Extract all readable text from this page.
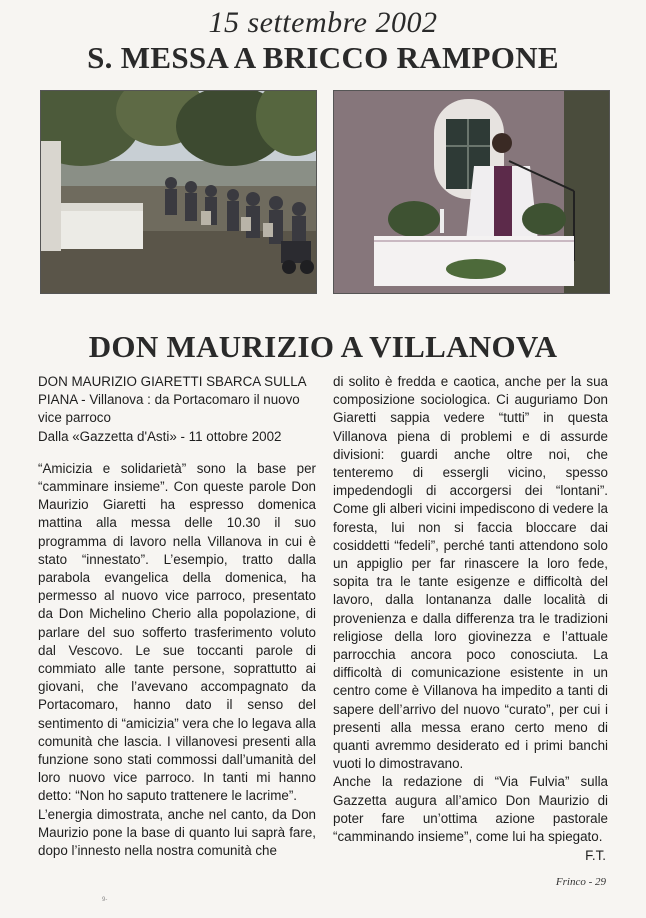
15 settembre 2002
S. MESSA A BRICCO RAMPONE
DON MAURIZIO A VILLANOVA

DON MAURIZIO GIARETTI SBARCA SULLA PIANA - Villanova : da Portacomaro il nuovo vice parroco

Dalla «Gazzetta d'Asti» - 11 ottobre 2002

“Amicizia e solidarietà” sono la base per “camminare insieme”. Con queste parole Don Maurizio Giaretti ha espresso domenica mattina alla messa delle 10.30 il suo programma di lavoro nella Villanova in cui è stato “innestato”. L’esempio, tratto dalla parabola evangelica della domenica, ha permesso al nuovo vice parroco, presentato da Don Michelino Cherio alla popolazione, di parlare del suo sofferto trasferimento voluto dal Vescovo. Le sue toccanti parole di commiato alle tante persone, soprattutto ai giovani, che l’avevano accompagnato da Portacomaro, hanno dato il senso del sentimento di “amicizia” vera che lo legava alla comunità che lascia. I villanovesi presenti alla funzione sono stati commossi dall’umanità del loro nuovo vice parroco. In tanti mi hanno detto: “Non ho saputo trattenere le lacrime”.

L’energia dimostrata, anche nel canto, da Don Maurizio pone la base di quanto lui saprà fare, dopo l’innesto nella nostra comunità che

di solito è fredda e caotica, anche per la sua composizione sociologica. Ci auguriamo Don Giaretti sappia vedere “tutti” in questa Villanova piena di problemi e di assurde divisioni: guardi anche oltre noi, che tenteremo di essergli vicino, spesso impedendogli di accorgersi dei “lontani”. Come gli alberi vicini impediscono di vedere la foresta, lui non si faccia bloccare dai cosiddetti “fedeli”, perché tanti attendono solo un appiglio per far rinascere la loro fede, sopita tra le tante esigenze e difficoltà del lavoro, dalla lontananza dalle località di provenienza e dalla differenza tra le tradizioni religiose della loro giovinezza e l’attuale parrocchia ancora poco conosciuta. La difficoltà di comunicazione esistente in un centro come è Villanova ha impedito a tanti di sapere dell’arrivo del nuovo “curato”, per cui i presenti alla messa erano certo meno di quanti avremmo desiderato ed i primi banchi vuoti lo dimostravano.

Anche la redazione di “Via Fulvia” sulla Gazzetta augura all’amico Don Maurizio di poter fare un’ottima azione pastorale “camminando insieme”, come lui ha spiegato.

F.T.
Frinco - 29
9-
